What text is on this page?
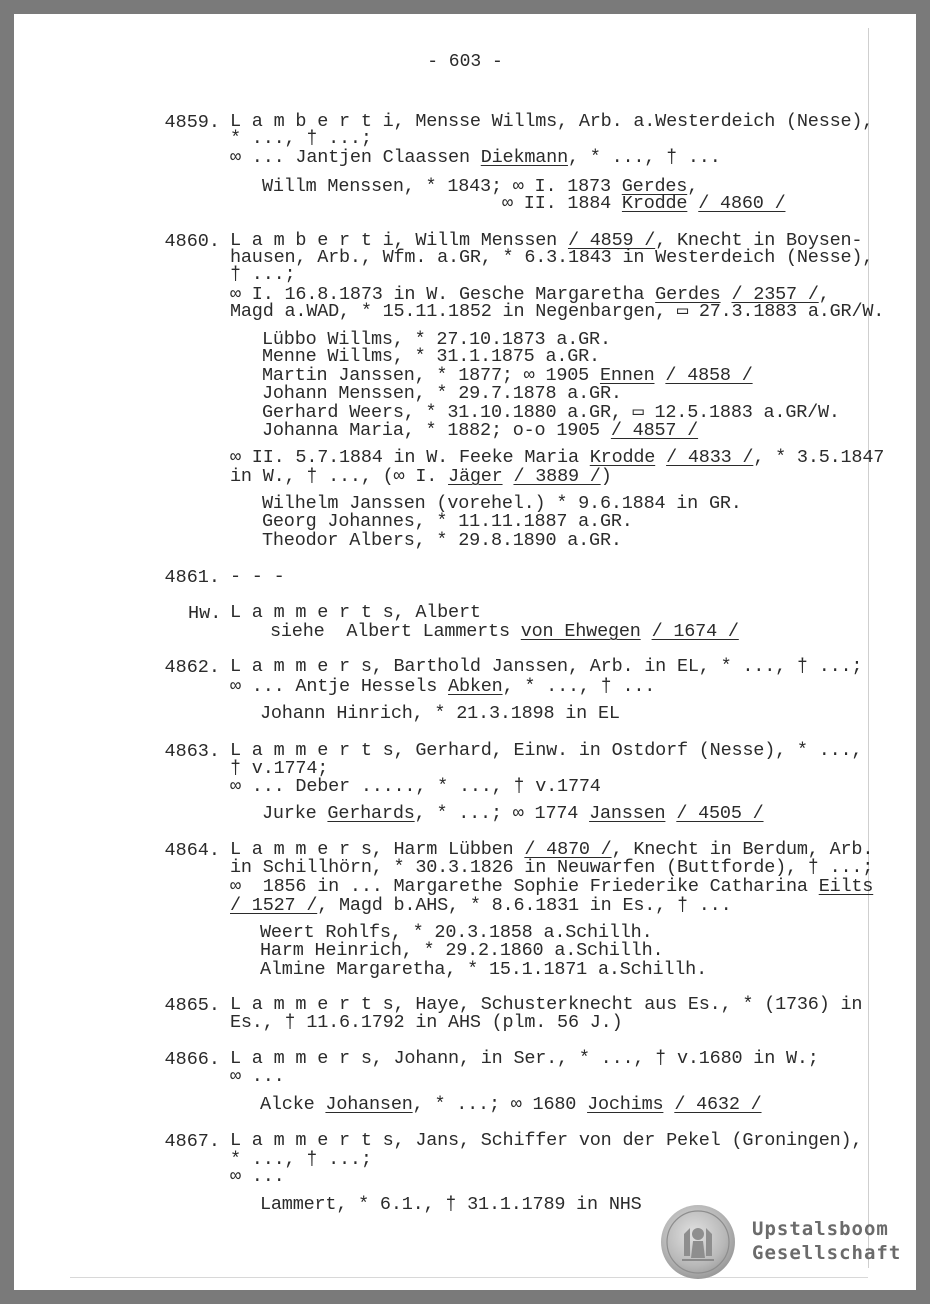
- 603 -
4859. L a m b e r t i, Mensse Willms, Arb. a.Westerdeich (Nesse),
* ..., † ...;
∞ ... Jantjen Claassen Diekmann, * ..., † ...
Willm Menssen, * 1843; ∞ I. 1873 Gerdes,
∞ II. 1884 Krodde / 4860 /
4860. L a m b e r t i, Willm Menssen / 4859 /, Knecht in Boysen-
hausen, Arb., Wfm. a.GR, * 6.3.1843 in Westerdeich (Nesse),
† ...;
∞ I. 16.8.1873 in W. Gesche Margaretha Gerdes / 2357 /,
Magd a.WAD, * 15.11.1852 in Negenbargen, ▭ 27.3.1883 a.GR/W.
Lübbo Willms, * 27.10.1873 a.GR.
Menne Willms, * 31.1.1875 a.GR.
Martin Janssen, * 1877; ∞ 1905 Ennen / 4858 /
Johann Menssen, * 29.7.1878 a.GR.
Gerhard Weers, * 31.10.1880 a.GR, ▭ 12.5.1883 a.GR/W.
Johanna Maria, * 1882; o-o 1905 / 4857 /
∞ II. 5.7.1884 in W. Feeke Maria Krodde / 4833 /, * 3.5.1847
in W., † ..., (∞ I. Jäger / 3889 /)
Wilhelm Janssen (vorehel.) * 9.6.1884 in GR.
Georg Johannes, * 11.11.1887 a.GR.
Theodor Albers, * 29.8.1890 a.GR.
4861. - - -
Hw. L a m m e r t s, Albert
siehe  Albert Lammerts von Ehwegen / 1674 /
4862. L a m m e r s, Barthold Janssen, Arb. in EL, * ..., † ...;
∞ ... Antje Hessels Abken, * ..., † ...
Johann Hinrich, * 21.3.1898 in EL
4863. L a m m e r t s, Gerhard, Einw. in Ostdorf (Nesse), * ...,
† v.1774;
∞ ... Deber ....., * ..., † v.1774
Jurke Gerhards, * ...; ∞ 1774 Janssen / 4505 /
4864. L a m m e r s, Harm Lübben / 4870 /, Knecht in Berdum, Arb.
in Schillhörn, * 30.3.1826 in Neuwarfen (Buttforde), † ...;
∞  1856 in ... Margarethe Sophie Friederike Catharina Eilts
/ 1527 /, Magd b.AHS, * 8.6.1831 in Es., † ...
Weert Rohlfs, * 20.3.1858 a.Schillh.
Harm Heinrich, * 29.2.1860 a.Schillh.
Almine Margaretha, * 15.1.1871 a.Schillh.
4865. L a m m e r t s, Haye, Schusterknecht aus Es., * (1736) in
Es., † 11.6.1792 in AHS (plm. 56 J.)
4866. L a m m e r s, Johann, in Ser., * ..., † v.1680 in W.;
∞ ...
Alcke Johansen, * ...; ∞ 1680 Jochims / 4632 /
4867. L a m m e r t s, Jans, Schiffer von der Pekel (Groningen),
* ..., † ...;
∞ ...
Lammert, * 6.1., † 31.1.1789 in NHS
Upstalsboom
Gesellschaft
